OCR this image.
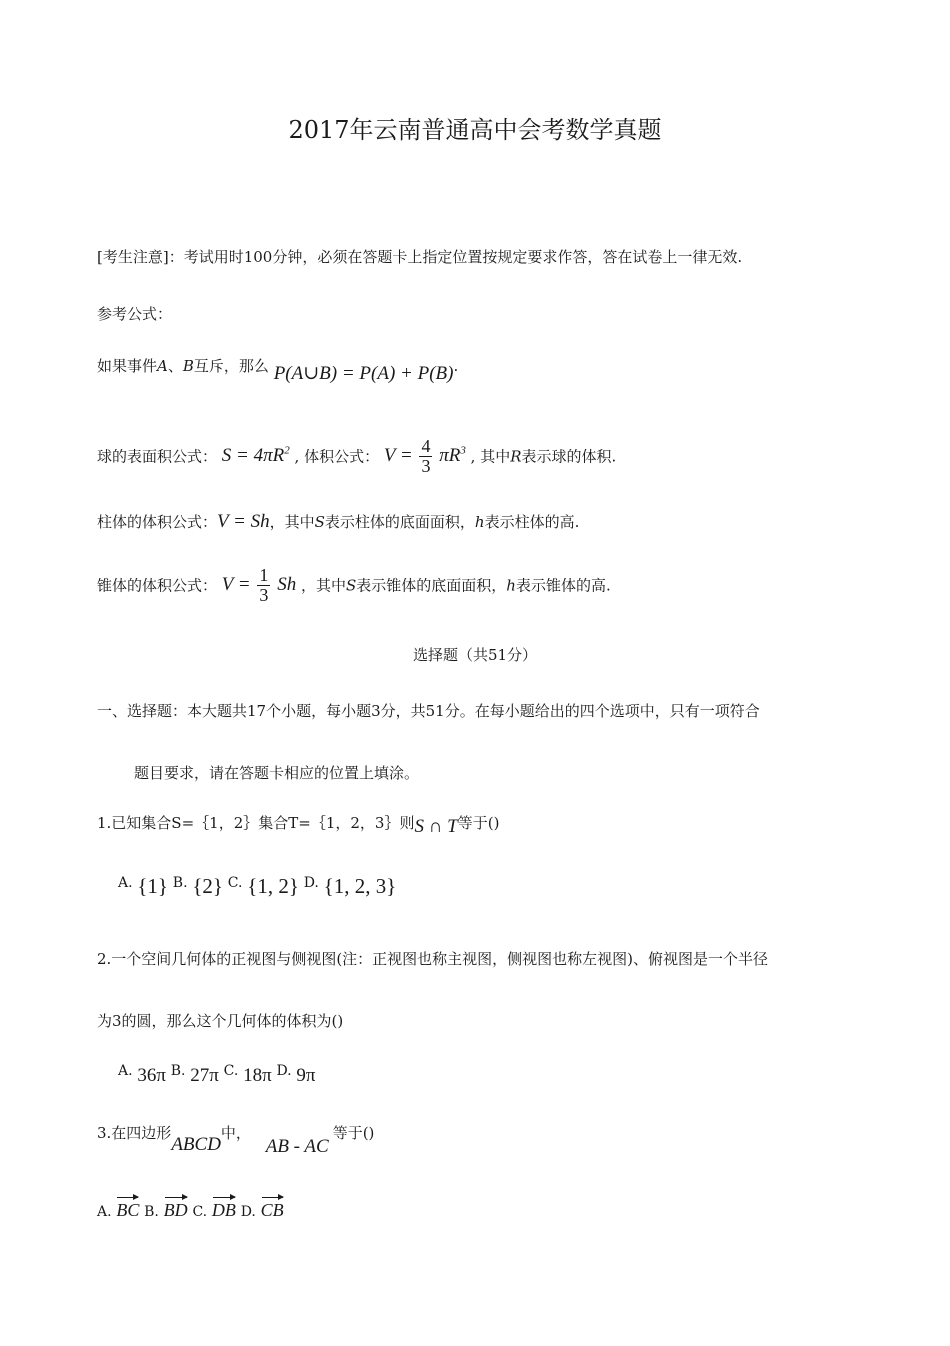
2017年云南普通高中会考数学真题
[考生注意]：考试用时100分钟，必须在答题卡上指定位置按规定要求作答，答在试卷上一律无效.
参考公式：
如果事件A、B互斥，那么 P(A∪B) = P(A) + P(B).
球的表面积公式： $S = 4\pi R^2$ , 体积公式： $V = \frac{4}{3} \pi R^3$ , 其中R表示球的体积.
柱体的体积公式：V = Sh，其中S表示柱体的底面面积，h表示柱体的高.
锥体的体积公式： $V = \frac{1}{3}$ Sh ，其中S表示锥体的底面面积，h表示锥体的高.
选择题（共51分）
一、选择题：本大题共17个小题，每小题3分，共51分。在每小题给出的四个选项中，只有一项符合
题目要求，请在答题卡相应的位置上填涂。
1.已知集合S=｛1，2｝集合T=｛1，2，3｝则S ∩ T等于()
A. {1} B. {2} C. {1, 2} D. {1, 2, 3}
2.一个空间几何体的正视图与侧视图(注：正视图也称主视图，侧视图也称左视图)、俯视图是一个半径
为3的圆，那么这个几何体的体积为()
A. 36π B. 27π C. 18π D. 9π
3.在四边形ABCD中， AB - AC等于()
A. BC B. BD C. DB D. CB
